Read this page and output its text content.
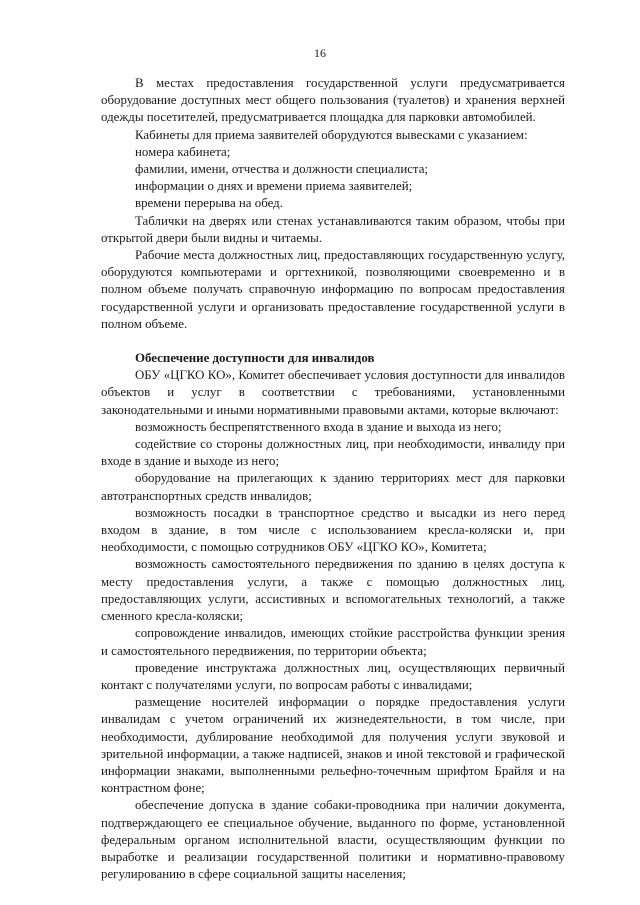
16

В местах предоставления государственной услуги предусматривается оборудование доступных мест общего пользования (туалетов) и хранения верхней одежды посетителей, предусматривается площадка для парковки автомобилей.

Кабинеты для приема заявителей оборудуются вывесками с указанием:

номера кабинета;

фамилии, имени, отчества и должности специалиста;

информации о днях и времени приема заявителей;

времени перерыва на обед.

Таблички на дверях или стенах устанавливаются таким образом, чтобы при открытой двери были видны и читаемы.

Рабочие места должностных лиц, предоставляющих государственную услугу, оборудуются компьютерами и оргтехникой, позволяющими своевременно и в полном объеме получать справочную информацию по вопросам предоставления государственной услуги и организовать предоставление государственной услуги в полном объеме.

Обеспечение доступности для инвалидов

ОБУ «ЦГКО КО», Комитет обеспечивает условия доступности для инвалидов объектов и услуг в соответствии с требованиями, установленными законодательными и иными нормативными правовыми актами, которые включают:

возможность беспрепятственного входа в здание и выхода из него;

содействие со стороны должностных лиц, при необходимости, инвалиду при входе в здание и выходе из него;

оборудование на прилегающих к зданию территориях мест для парковки автотранспортных средств инвалидов;

возможность посадки в транспортное средство и высадки из него перед входом в здание, в том числе с использованием кресла-коляски и, при необходимости, с помощью сотрудников ОБУ «ЦГКО КО», Комитета;

возможность самостоятельного передвижения по зданию в целях доступа к месту предоставления услуги, а также с помощью должностных лиц, предоставляющих услуги, ассистивных и вспомогательных технологий, а также сменного кресла-коляски;

сопровождение инвалидов, имеющих стойкие расстройства функции зрения и самостоятельного передвижения, по территории объекта;

проведение инструктажа должностных лиц, осуществляющих первичный контакт с получателями услуги, по вопросам работы с инвалидами;

размещение носителей информации о порядке предоставления услуги инвалидам с учетом ограничений их жизнедеятельности, в том числе, при необходимости, дублирование необходимой для получения услуги звуковой и зрительной информации, а также надписей, знаков и иной текстовой и графической информации знаками, выполненными рельефно-точечным шрифтом Брайля и на контрастном фоне;

обеспечение допуска в здание собаки-проводника при наличии документа, подтверждающего ее специальное обучение, выданного по форме, установленной федеральным органом исполнительной власти, осуществляющим функции по выработке и реализации государственной политики и нормативно-правовому регулированию в сфере социальной защиты населения;
